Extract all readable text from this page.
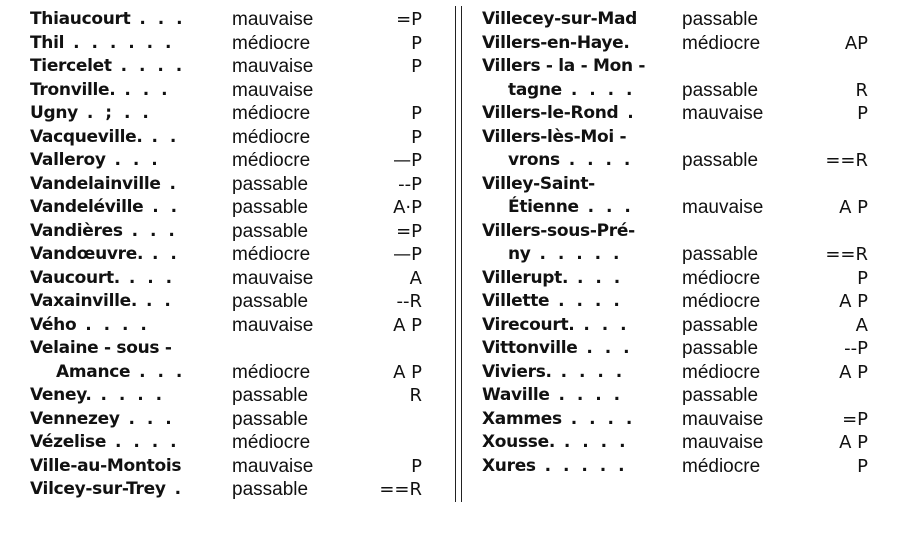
Thiaucourt . . . mauvaise	=P
Thil . . . . . .	médiocre	P
Tiercelet . . . . mauvaise	P
Tronville. . . .	mauvaise
Ugny . ; . .	médiocre	P
Vacqueville. . .	médiocre	P
Valleroy . . .	médiocre	—P
Vandelainville .	passable	--P
Vandeléville . .	passable	A·P
Vandières . . .	passable	=P
Vandœuvre. . .	médiocre	—P
Vaucourt. . . .	mauvaise	A
Vaxainville. . .	passable	--R
Vého . . . .	mauvaise	A P
Velaine - sous -
Amance . . . médiocre	A P
Veney. . . . .	passable	R
Vennezey . . .	passable
Vézelise . . . .	médiocre
Ville-au-Montois	mauvaise	P
Vilcey-sur-Trey .	passable	==R
Villecey-sur-Mad passable
Villers-en-Haye.	médiocre	AP
Villers - la - Mon -
tagne . . . . passable	R
Villers-le-Rond . mauvaise	P
Villers-lès-Moi -
vrons . . . .	passable	==R
Villey-Saint-
Étienne . . .	mauvaise	A P
Villers-sous-Pré-
ny . . . . .	passable	==R
Villerupt. . . .	médiocre	P
Villette . . . .	médiocre	A P
Virecourt. . . .	passable	A
Vittonville . . .	passable	--P
Viviers. . . . .	médiocre	A P
Waville . . . .	passable
Xammes . . . . mauvaise	=P
Xousse. . . . .	mauvaise	A P
Xures . . . . .	médiocre	P
